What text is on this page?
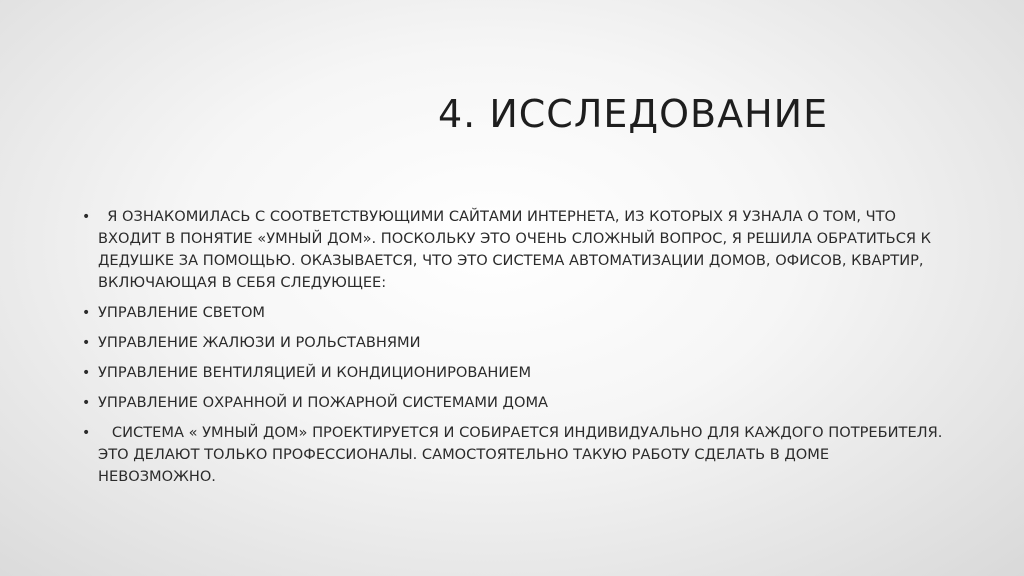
4. ИССЛЕДОВАНИЕ
• Я ОЗНАКОМИЛАСЬ С СООТВЕТСТВУЮЩИМИ САЙТАМИ ИНТЕРНЕТА, ИЗ КОТОРЫХ Я УЗНАЛА О ТОМ, ЧТО ВХОДИТ В ПОНЯТИЕ «УМНЫЙ ДОМ». ПОСКОЛЬКУ ЭТО ОЧЕНЬ СЛОЖНЫЙ ВОПРОС, Я РЕШИЛА ОБРАТИТЬСЯ К ДЕДУШКЕ ЗА ПОМОЩЬЮ. ОКАЗЫВАЕТСЯ, ЧТО ЭТО СИСТЕМА АВТОМАТИЗАЦИИ ДОМОВ, ОФИСОВ, КВАРТИР, ВКЛЮЧАЮЩАЯ В СЕБЯ СЛЕДУЮЩЕЕ:
• УПРАВЛЕНИЕ СВЕТОМ
• УПРАВЛЕНИЕ ЖАЛЮЗИ И РОЛЬСТАВНЯМИ
• УПРАВЛЕНИЕ ВЕНТИЛЯЦИЕЙ И КОНДИЦИОНИРОВАНИЕМ
• УПРАВЛЕНИЕ ОХРАННОЙ И ПОЖАРНОЙ СИСТЕМАМИ ДОМА
• СИСТЕМА « УМНЫЙ ДОМ» ПРОЕКТИРУЕТСЯ И СОБИРАЕТСЯ ИНДИВИДУАЛЬНО ДЛЯ КАЖДОГО ПОТРЕБИТЕЛЯ. ЭТО ДЕЛАЮТ ТОЛЬКО ПРОФЕССИОНАЛЫ. САМОСТОЯТЕЛЬНО ТАКУЮ РАБОТУ СДЕЛАТЬ В ДОМЕ НЕВОЗМОЖНО.
